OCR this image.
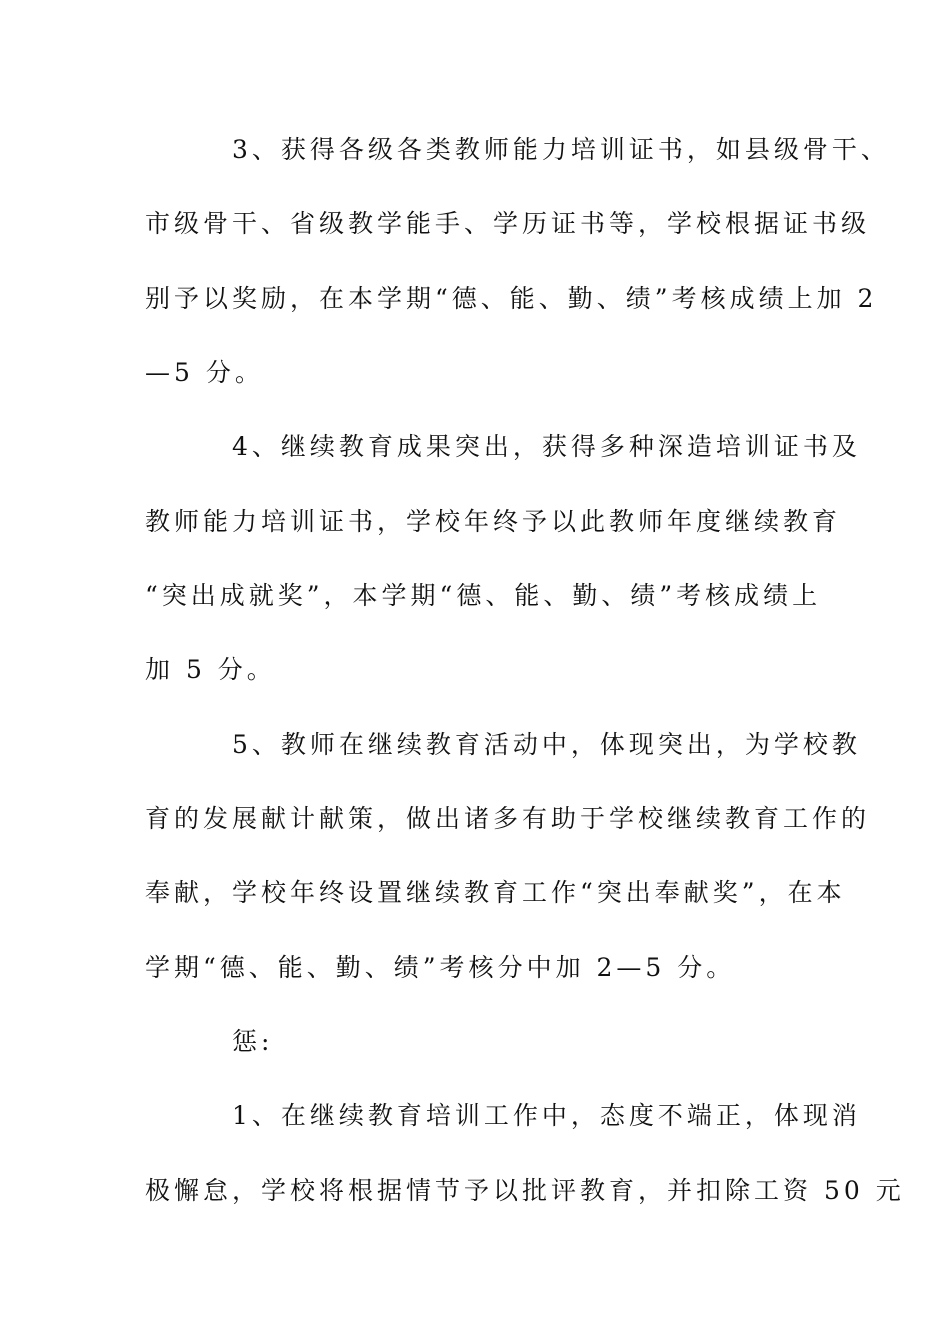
3、获得各级各类教师能力培训证书，如县级骨干、
市级骨干、省级教学能手、学历证书等，学校根据证书级
别予以奖励，在本学期“德、能、勤、绩”考核成绩上加 2
—5 分。
4、继续教育成果突出，获得多种深造培训证书及
教师能力培训证书，学校年终予以此教师年度继续教育
“突出成就奖”，本学期“德、能、勤、绩”考核成绩上
加 5 分。
5、教师在继续教育活动中，体现突出，为学校教
育的发展献计献策，做出诸多有助于学校继续教育工作的
奉献，学校年终设置继续教育工作“突出奉献奖”，在本
学期“德、能、勤、绩”考核分中加 2—5 分。
惩:
1、在继续教育培训工作中，态度不端正，体现消
极懈怠，学校将根据情节予以批评教育，并扣除工资 50 元
